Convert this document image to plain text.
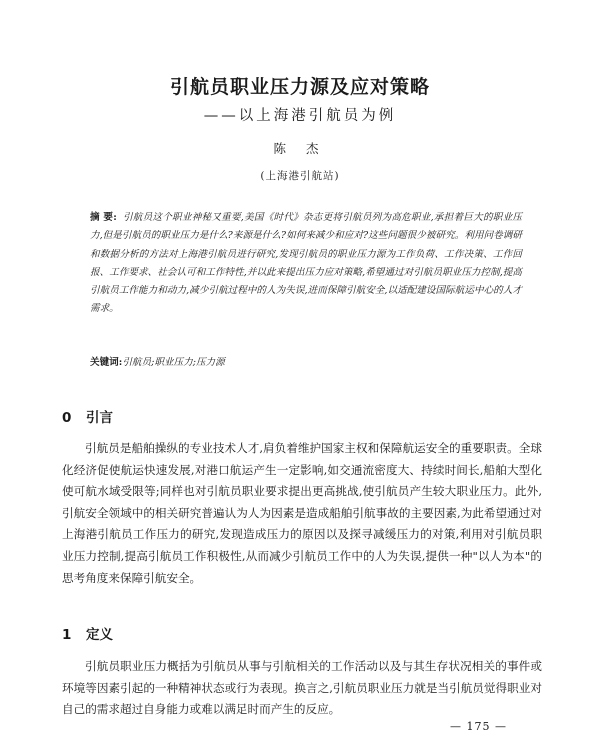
引航员职业压力源及应对策略
——以上海港引航员为例
陈 杰
(上海港引航站)
摘 要: 引航员这个职业神秘又重要,美国《时代》杂志更将引航员列为高危职业,承担着巨大的职业压力,但是引航员的职业压力是什么?来源是什么?如何来减少和应对?这些问题很少被研究。利用问卷调研和数据分析的方法对上海港引航员进行研究,发现引航员的职业压力源为工作负荷、工作决策、工作回报、工作要求、社会认可和工作特性,并以此来提出压力应对策略,希望通过对引航员职业压力控制,提高引航员工作能力和动力,减少引航过程中的人为失误,进而保障引航安全,以适配建设国际航运中心的人才需求。
关键词:引航员;职业压力;压力源
0 引言
引航员是船舶操纵的专业技术人才,肩负着维护国家主权和保障航运安全的重要职责。全球化经济促使航运快速发展,对港口航运产生一定影响,如交通流密度大、持续时间长,船舶大型化使可航水域受限等;同样也对引航员职业要求提出更高挑战,使引航员产生较大职业压力。此外,引航安全领域中的相关研究普遍认为人为因素是造成船舶引航事故的主要因素,为此希望通过对上海港引航员工作压力的研究,发现造成压力的原因以及探寻减缓压力的对策,利用对引航员职业压力控制,提高引航员工作积极性,从而减少引航员工作中的人为失误,提供一种"以人为本"的思考角度来保障引航安全。
1 定义
引航员职业压力概括为引航员从事与引航相关的工作活动以及与其生存状况相关的事件或环境等因素引起的一种精神状态或行为表现。换言之,引航员职业压力就是当引航员觉得职业对自己的需求超过自身能力或难以满足时而产生的反应。
— 175 —
